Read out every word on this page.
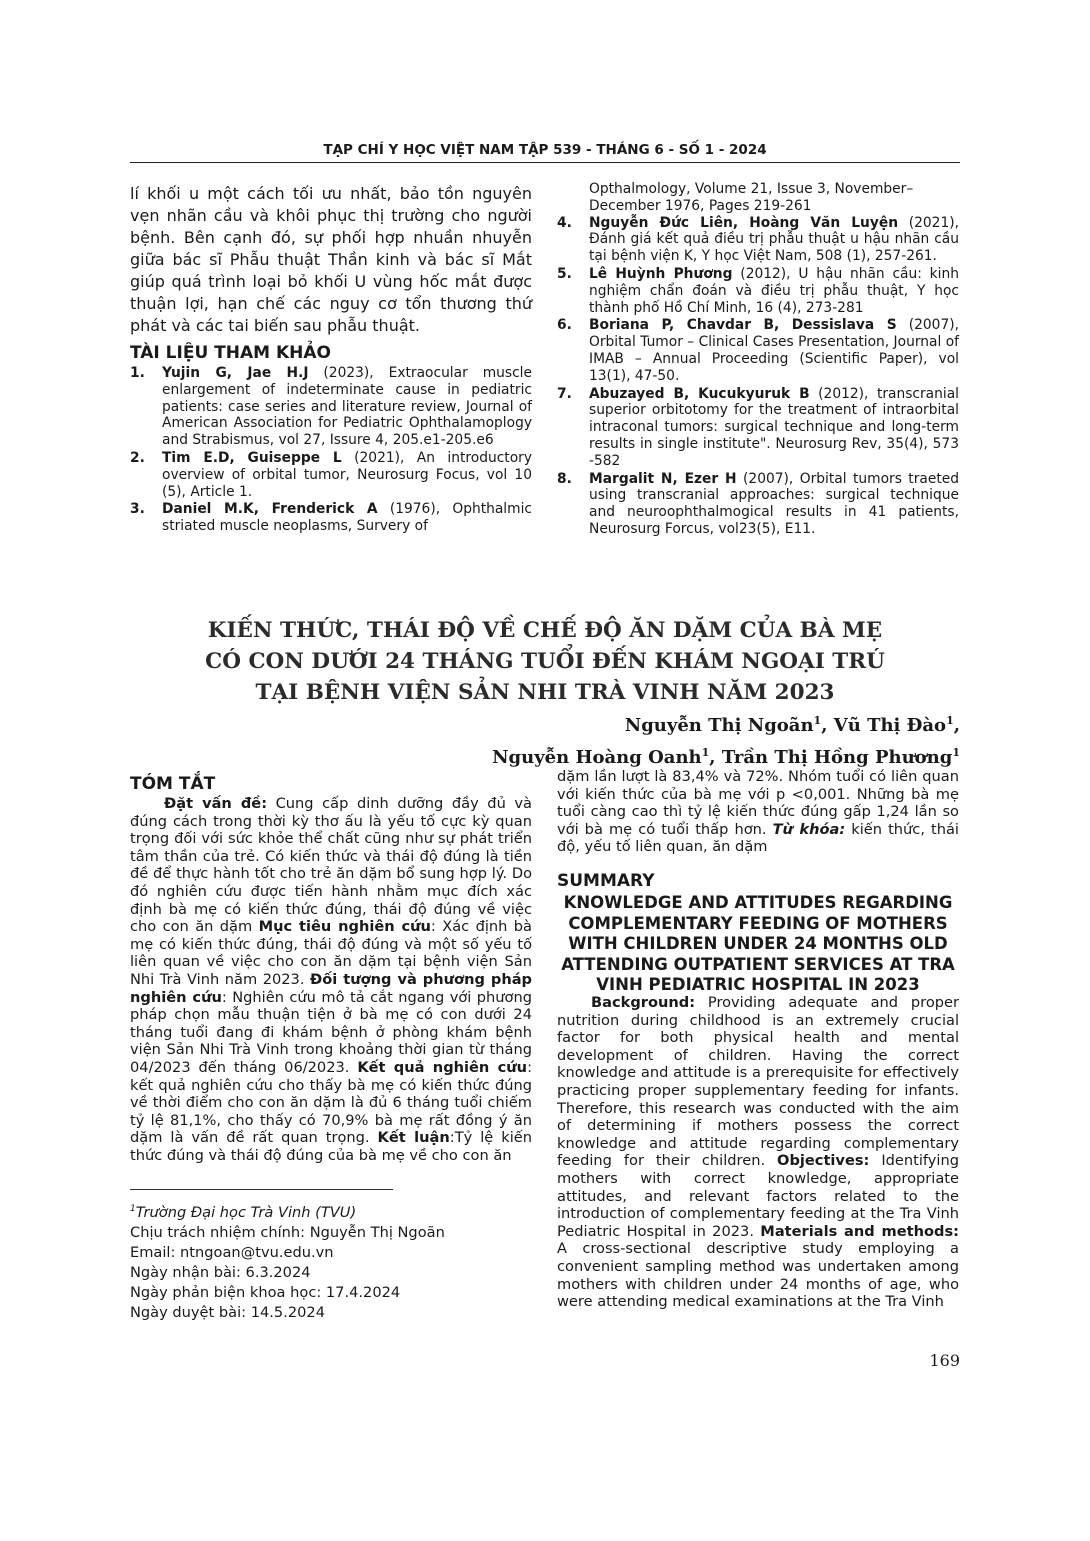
TẠP CHÍ Y HỌC VIỆT NAM TẬP 539 - THÁNG 6 - SỐ 1 - 2024
lí khối u một cách tối ưu nhất, bảo tồn nguyên vẹn nhãn cầu và khôi phục thị trường cho người bệnh. Bên cạnh đó, sự phối hợp nhuần nhuyễn giữa bác sĩ Phẫu thuật Thần kinh và bác sĩ Mắt giúp quá trình loại bỏ khối U vùng hốc mắt được thuận lợi, hạn chế các nguy cơ tổn thương thứ phát và các tai biến sau phẫu thuật.
TÀI LIỆU THAM KHẢO
1. Yujin G, Jae H.J (2023), Extraocular muscle enlargement of indeterminate cause in pediatric patients: case series and literature review, Journal of American Association for Pediatric Ophthalamoplogy and Strabismus, vol 27, Issure 4, 205.e1-205.e6
2. Tim E.D, Guiseppe L (2021), An introductory overview of orbital tumor, Neurosurg Focus, vol 10 (5), Article 1.
3. Daniel M.K, Frenderick A (1976), Ophthalmic striated muscle neoplasms, Survery of
Opthalmology, Volume 21, Issue 3, November–December 1976, Pages 219-261
4. Nguyễn Đức Liên, Hoàng Văn Luyện (2021), Đánh giá kết quả điều trị phẫu thuật u hậu nhãn cầu tại bệnh viện K, Y học Việt Nam, 508 (1), 257-261.
5. Lê Huỳnh Phương (2012), U hậu nhãn cầu: kinh nghiệm chẩn đoán và điều trị phẫu thuật, Y học thành phố Hồ Chí Minh, 16 (4), 273-281
6. Boriana P, Chavdar B, Dessislava S (2007), Orbital Tumor – Clinical Cases Presentation, Journal of IMAB – Annual Proceeding (Scientific Paper), vol 13(1), 47-50.
7. Abuzayed B, Kucukyuruk B (2012), transcranial superior orbitotomy for the treatment of intraorbital intraconal tumors: surgical technique and long-term results in single institute". Neurosurg Rev, 35(4), 573 -582
8. Margalit N, Ezer H (2007), Orbital tumors traeted using transcranial approaches: surgical technique and neuroophthalmogical results in 41 patients, Neurosurg Forcus, vol23(5), E11.
KIẾN THỨC, THÁI ĐỘ VỀ CHẾ ĐỘ ĂN DẶM CỦA BÀ MẸ
CÓ CON DƯỚI 24 THÁNG TUỔI ĐẾN KHÁM NGOẠI TRÚ
TẠI BỆNH VIỆN SẢN NHI TRÀ VINH NĂM 2023
Nguyễn Thị Ngoãn$^1$, Vũ Thị Đào$^1$,
Nguyễn Hoàng Oanh$^1$, Trần Thị Hồng Phương$^1$
TÓM TẮT

Đặt vấn đề: Cung cấp dinh dưỡng đầy đủ và đúng cách trong thời kỳ thơ ấu là yếu tố cực kỳ quan trọng đối với sức khỏe thể chất cũng như sự phát triển tâm thần của trẻ. Có kiến thức và thái độ đúng là tiền đề để thực hành tốt cho trẻ ăn dặm bổ sung hợp lý. Do đó nghiên cứu được tiến hành nhằm mục đích xác định bà mẹ có kiến thức đúng, thái độ đúng về việc cho con ăn dặm Mục tiêu nghiên cứu: Xác định bà mẹ có kiến thức đúng, thái độ đúng và một số yếu tố liên quan về việc cho con ăn dặm tại bệnh viện Sản Nhi Trà Vinh năm 2023. Đối tượng và phương pháp nghiên cứu: Nghiên cứu mô tả cắt ngang với phương pháp chọn mẫu thuận tiện ở bà mẹ có con dưới 24 tháng tuổi đang đi khám bệnh ở phòng khám bệnh viện Sản Nhi Trà Vinh trong khoảng thời gian từ tháng 04/2023 đến tháng 06/2023. Kết quả nghiên cứu: kết quả nghiên cứu cho thấy bà mẹ có kiến thức đúng về thời điểm cho con ăn dặm là đủ 6 tháng tuổi chiếm tỷ lệ 81,1%, cho thấy có 70,9% bà mẹ rất đồng ý ăn dặm là vấn đề rất quan trọng. Kết luận:Tỷ lệ kiến thức đúng và thái độ đúng của bà mẹ về cho con ăn

$^1$Trường Đại học Trà Vinh (TVU)
Chịu trách nhiệm chính: Nguyễn Thị Ngoãn
Email: ntngoan@tvu.edu.vn
Ngày nhận bài: 6.3.2024
Ngày phản biện khoa học: 17.4.2024
Ngày duyệt bài: 14.5.2024
dặm lần lượt là 83,4% và 72%. Nhóm tuổi có liên quan với kiến thức của bà mẹ với p <0,001. Những bà mẹ tuổi càng cao thì tỷ lệ kiến thức đúng gấp 1,24 lần so với bà mẹ có tuổi thấp hơn. Từ khóa: kiến thức, thái độ, yếu tố liên quan, ăn dặm
SUMMARY
KNOWLEDGE AND ATTITUDES REGARDING COMPLEMENTARY FEEDING OF MOTHERS WITH CHILDREN UNDER 24 MONTHS OLD ATTENDING OUTPATIENT SERVICES AT TRA VINH PEDIATRIC HOSPITAL IN 2023

Background: Providing adequate and proper nutrition during childhood is an extremely crucial factor for both physical health and mental development of children. Having the correct knowledge and attitude is a prerequisite for effectively practicing proper supplementary feeding for infants. Therefore, this research was conducted with the aim of determining if mothers possess the correct knowledge and attitude regarding complementary feeding for their children. Objectives: Identifying mothers with correct knowledge, appropriate attitudes, and relevant factors related to the introduction of complementary feeding at the Tra Vinh Pediatric Hospital in 2023. Materials and methods: A cross-sectional descriptive study employing a convenient sampling method was undertaken among mothers with children under 24 months of age, who were attending medical examinations at the Tra Vinh

169
